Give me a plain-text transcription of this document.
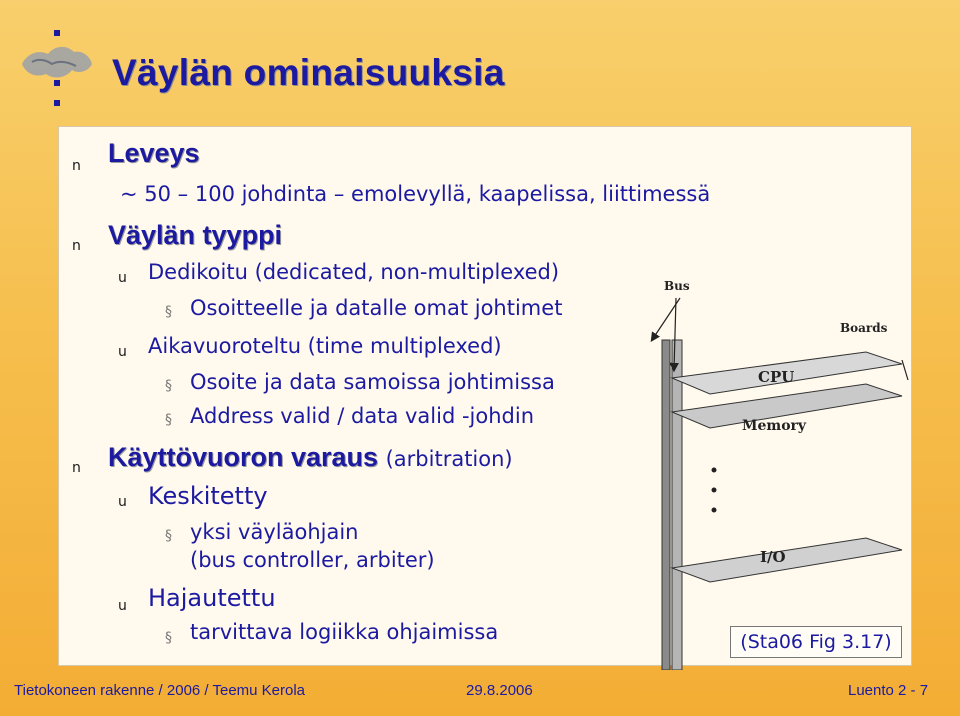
Väylän ominaisuuksia
n Leveys
~ 50 – 100 johdinta – emolevyllä, kaapelissa, liittimessä
n Väylän tyyppi
u Dedikoitu (dedicated, non-multiplexed)
§ Osoitteelle ja datalle omat johtimet
u Aikavuoroteltu (time multiplexed)
§ Osoite ja data samoissa johtimissa
§ Address valid / data valid -johdin
n Käyttövuoron varaus (arbitration)
u Keskitetty
§ yksi väyläohjain
(bus controller, arbiter)
u Hajautettu
§ tarvittava logiikka ohjaimissa
Bus
Boards
CPU
Memory
I/O
(Sta06 Fig 3.17)
Tietokoneen rakenne / 2006 / Teemu Kerola	29.8.2006	Luento 2 - 7
